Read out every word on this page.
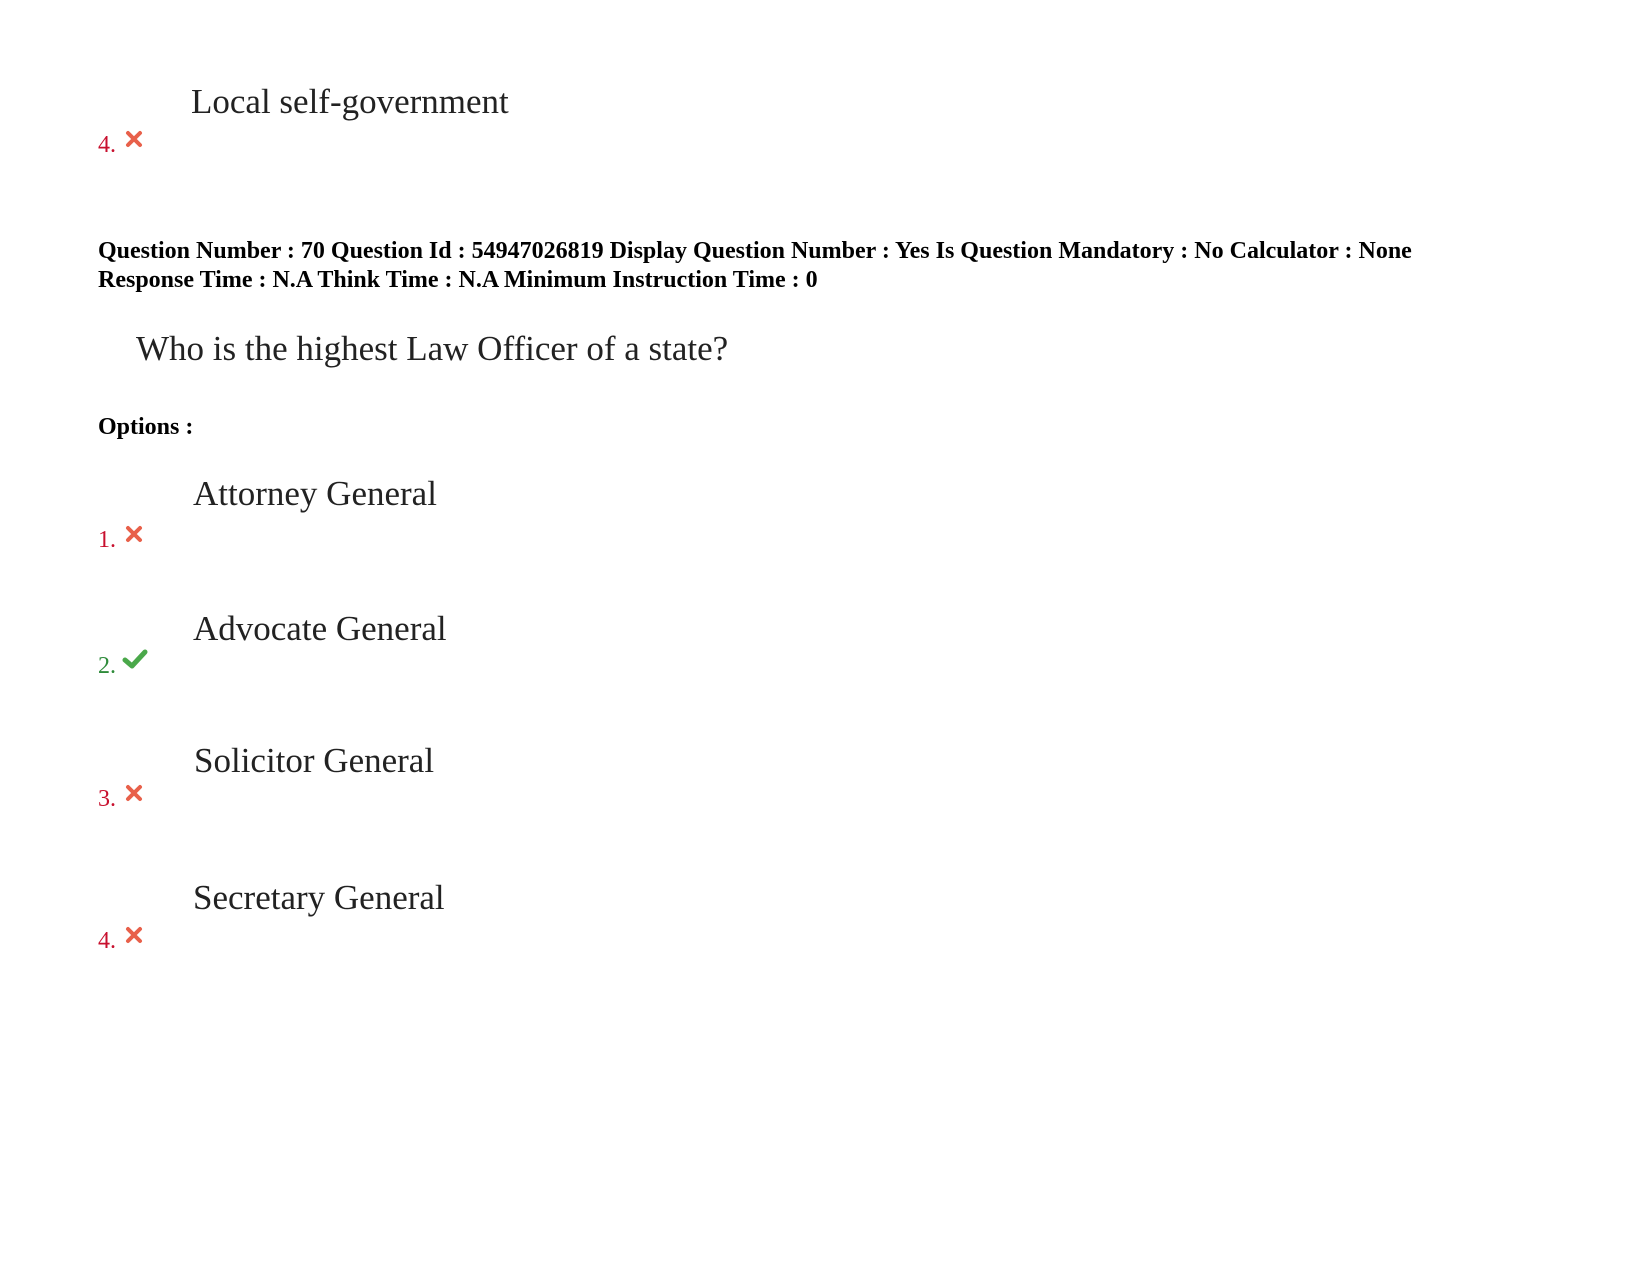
Local self-government
4.
Question Number : 70 Question Id : 54947026819 Display Question Number : Yes Is Question Mandatory : No Calculator : None
Response Time : N.A Think Time : N.A Minimum Instruction Time : 0
Who is the highest Law Officer of a state?
Options :
Attorney General
1.
Advocate General
2.
Solicitor General
3.
Secretary General
4.
